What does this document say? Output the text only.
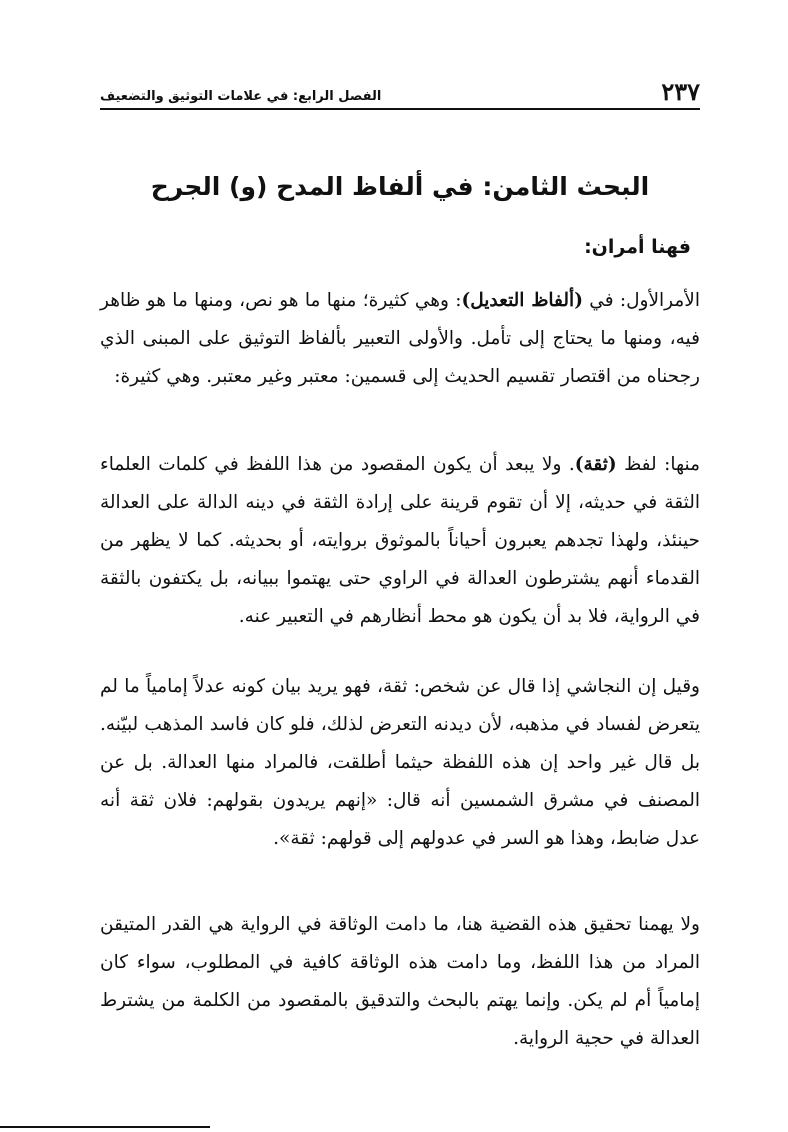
الفصل الرابع: في علامات التوثيق والتضعيف	٢٣٧
البحث الثامن: في ألفاظ المدح (و) الجرح
فهنا أمران:

الأمرالأول: في (ألفاظ التعديل): وهي كثيرة؛ منها ما هو نص، ومنها ما هو ظاهر فيه، ومنها ما يحتاج إلى تأمل. والأولى التعبير بألفاظ التوثيق على المبنى الذي رجحناه من اقتصار تقسيم الحديث إلى قسمين: معتبر وغير معتبر. وهي كثيرة:

منها: لفظ (ثقة). ولا يبعد أن يكون المقصود من هذا اللفظ في كلمات العلماء الثقة في حديثه، إلا أن تقوم قرينة على إرادة الثقة في دينه الدالة على العدالة حينئذ، ولهذا تجدهم يعبرون أحياناً بالموثوق بروايته، أو بحديثه. كما لا يظهر من القدماء أنهم يشترطون العدالة في الراوي حتى يهتموا ببيانه، بل يكتفون بالثقة في الرواية، فلا بد أن يكون هو محط أنظارهم في التعبير عنه.

وقيل إن النجاشي إذا قال عن شخص: ثقة، فهو يريد بيان كونه عدلاً إمامياً ما لم يتعرض لفساد في مذهبه، لأن ديدنه التعرض لذلك، فلو كان فاسد المذهب لبيّنه. بل قال غير واحد إن هذه اللفظة حيثما أطلقت، فالمراد منها العدالة. بل عن المصنف في مشرق الشمسين أنه قال: «إنهم يريدون بقولهم: فلان ثقة أنه عدل ضابط، وهذا هو السر في عدولهم إلى قولهم: ثقة».

ولا يهمنا تحقيق هذه القضية هنا، ما دامت الوثاقة في الرواية هي القدر المتيقن المراد من هذا اللفظ، وما دامت هذه الوثاقة كافية في المطلوب، سواء كان إمامياً أم لم يكن. وإنما يهتم بالبحث والتدقيق بالمقصود من الكلمة من يشترط العدالة في حجية الرواية.
